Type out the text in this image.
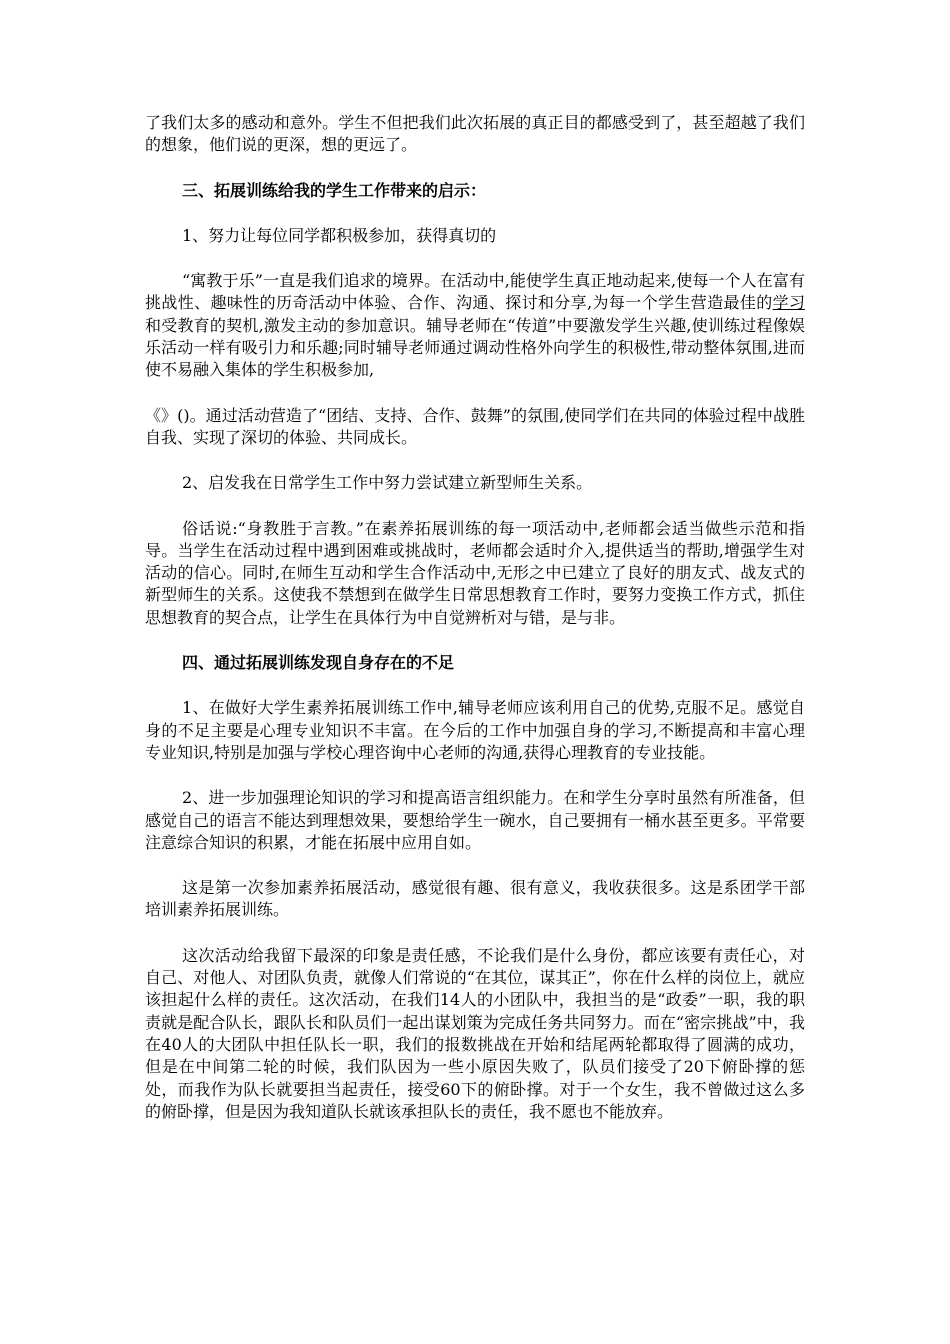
了我们太多的感动和意外。学生不但把我们此次拓展的真正目的都感受到了，甚至超越了我们的想象，他们说的更深，想的更远了。

三、拓展训练给我的学生工作带来的启示：

1、努力让每位同学都积极参加，获得真切的

“寓教于乐”一直是我们追求的境界。在活动中,能使学生真正地动起来,使每一个人在富有挑战性、趣味性的历奇活动中体验、合作、沟通、探讨和分享,为每一个学生营造最佳的学习和受教育的契机,激发主动的参加意识。辅导老师在“传道”中要激发学生兴趣,使训练过程像娱乐活动一样有吸引力和乐趣;同时辅导老师通过调动性格外向学生的积极性,带动整体氛围,进而使不易融入集体的学生积极参加,

《》()。通过活动营造了“团结、支持、合作、鼓舞”的氛围,使同学们在共同的体验过程中战胜自我、实现了深切的体验、共同成长。

2、启发我在日常学生工作中努力尝试建立新型师生关系。

俗话说:“身教胜于言教。”在素养拓展训练的每一项活动中,老师都会适当做些示范和指导。当学生在活动过程中遇到困难或挑战时，老师都会适时介入,提供适当的帮助,增强学生对活动的信心。同时,在师生互动和学生合作活动中,无形之中已建立了良好的朋友式、战友式的新型师生的关系。这使我不禁想到在做学生日常思想教育工作时，要努力变换工作方式，抓住思想教育的契合点，让学生在具体行为中自觉辨析对与错，是与非。

四、通过拓展训练发现自身存在的不足

1、在做好大学生素养拓展训练工作中,辅导老师应该利用自己的优势,克服不足。感觉自身的不足主要是心理专业知识不丰富。在今后的工作中加强自身的学习,不断提高和丰富心理专业知识,特别是加强与学校心理咨询中心老师的沟通,获得心理教育的专业技能。

2、进一步加强理论知识的学习和提高语言组织能力。在和学生分享时虽然有所准备，但感觉自己的语言不能达到理想效果，要想给学生一碗水，自己要拥有一桶水甚至更多。平常要注意综合知识的积累，才能在拓展中应用自如。

这是第一次参加素养拓展活动，感觉很有趣、很有意义，我收获很多。这是系团学干部培训素养拓展训练。

这次活动给我留下最深的印象是责任感，不论我们是什么身份，都应该要有责任心，对自己、对他人、对团队负责，就像人们常说的“在其位，谋其正”，你在什么样的岗位上，就应该担起什么样的责任。这次活动，在我们14人的小团队中，我担当的是“政委”一职，我的职责就是配合队长，跟队长和队员们一起出谋划策为完成任务共同努力。而在“密宗挑战”中，我在40人的大团队中担任队长一职，我们的报数挑战在开始和结尾两轮都取得了圆满的成功，但是在中间第二轮的时候，我们队因为一些小原因失败了，队员们接受了20下俯卧撑的惩处，而我作为队长就要担当起责任，接受60下的俯卧撑。对于一个女生，我不曾做过这么多的俯卧撑，但是因为我知道队长就该承担队长的责任，我不愿也不能放弃。
